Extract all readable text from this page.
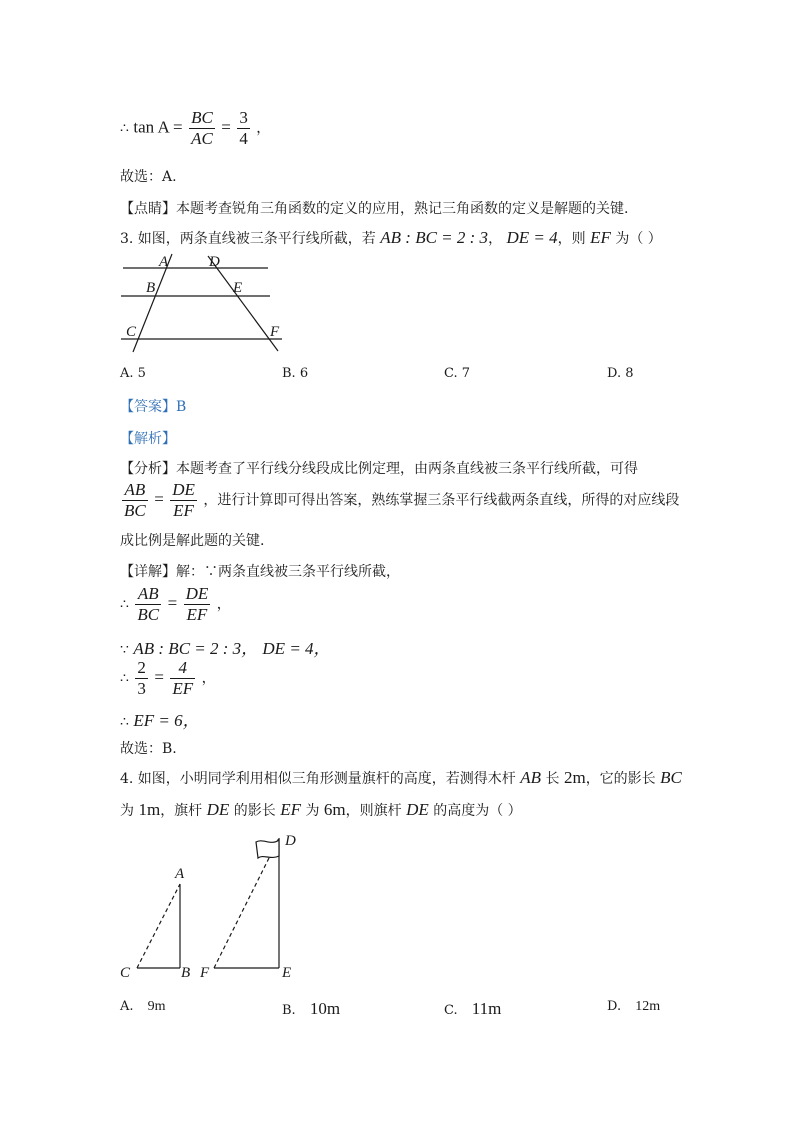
∴ $\tan A = \frac{BC}{AC} = \frac{3}{4}$ ，
故选：A.
【点睛】本题考查锐角三角函数的定义的应用，熟记三角函数的定义是解题的关键.
3. 如图，两条直线被三条平行线所截，若 AB : BC = 2 : 3， DE = 4，则 EF 为（ ）
A
B
C
D
E
F
A. 5	B. 6	C. 7	D. 8
【答案】B
【解析】
【分析】本题考查了平行线分线段成比例定理，由两条直线被三条平行线所截，可得
$\frac{AB}{BC} = \frac{DE}{EF}$ ，进行计算即可得出答案，熟练掌握三条平行线截两条直线，所得的对应线段
成比例是解此题的关键.
【详解】解：∵两条直线被三条平行线所截，
∴ $\frac{AB}{BC} = \frac{DE}{EF}$ ，
∵ AB : BC = 2 : 3， DE = 4，
∴ $\frac{2}{3} = \frac{4}{EF}$ ，
∴ EF = 6，
故选：B.
4. 如图，小明同学利用相似三角形测量旗杆的高度，若测得木杆 AB 长 2m，它的影长 BC
为 1m，旗杆 DE 的影长 EF 为 6m，则旗杆 DE 的高度为（ ）
A
B
C
D
E
F
A. 9m	B. 10m	C. 11m	D. 12m
